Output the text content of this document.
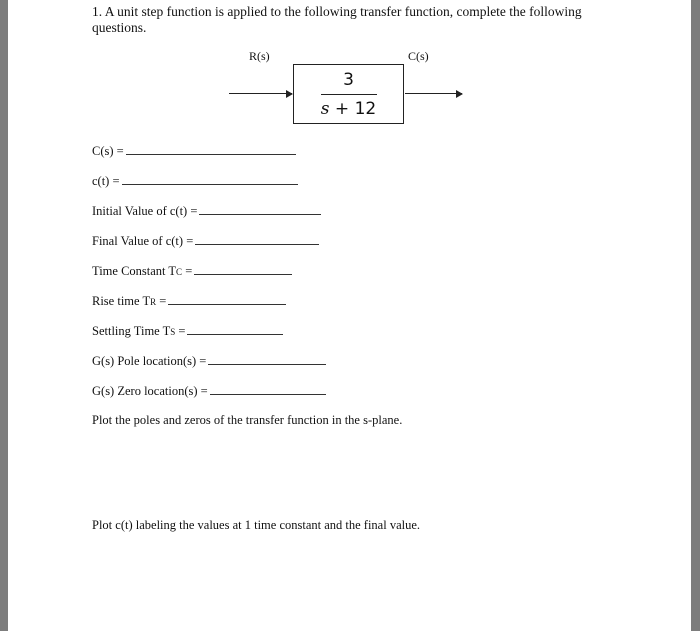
1. A unit step function is applied to the following transfer function, complete the following questions.
R(s)	C(s)
3
s + 12
C(s) =
c(t) =
Initial Value of c(t) =
Final Value of c(t) =
Time Constant TC =
Rise time TR =
Settling Time TS =
G(s) Pole location(s) =
G(s) Zero location(s) =
Plot the poles and zeros of the transfer function in the s-plane.
Plot c(t) labeling the values at 1 time constant and the final value.
